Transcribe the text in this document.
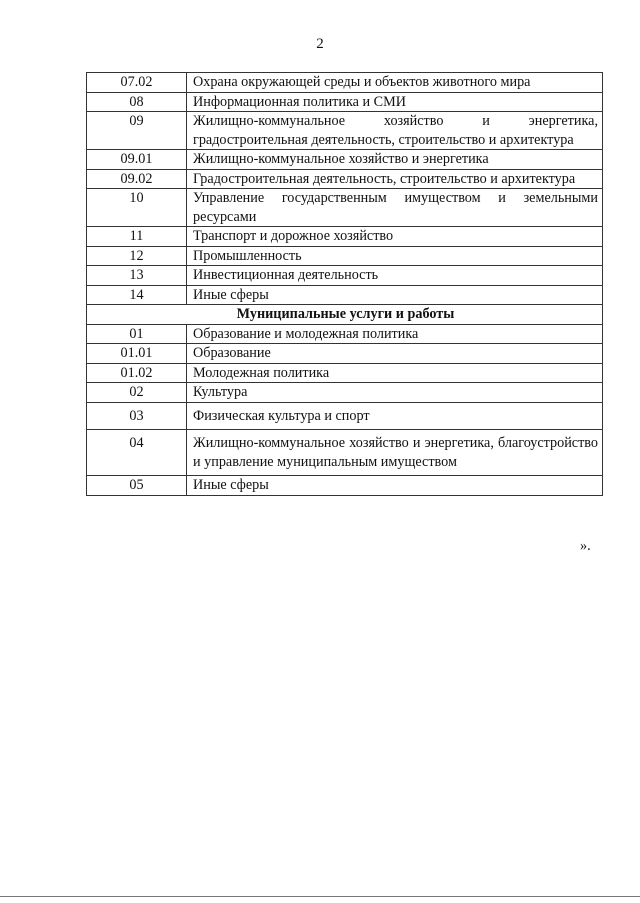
2
07.02	Охрана окружающей среды и объектов животного мира
08	Информационная политика и СМИ
09	Жилищно-коммунальное хозяйство и энергетика, градостроительная деятельность, строительство и архитектура
09.01	Жилищно-коммунальное хозяйство и энергетика
09.02	Градостроительная деятельность, строительство и архитектура
10	Управление государственным имуществом и земельными ресурсами
11	Транспорт и дорожное хозяйство
12	Промышленность
13	Инвестиционная деятельность
14	Иные сферы
Муниципальные услуги и работы	
01	Образование и молодежная политика
01.01	Образование
01.02	Молодежная политика
02	Культура
03	Физическая культура и спорт
04	Жилищно-коммунальное хозяйство и энергетика, благоустройство и управление муниципальным имуществом
05	Иные сферы
».
